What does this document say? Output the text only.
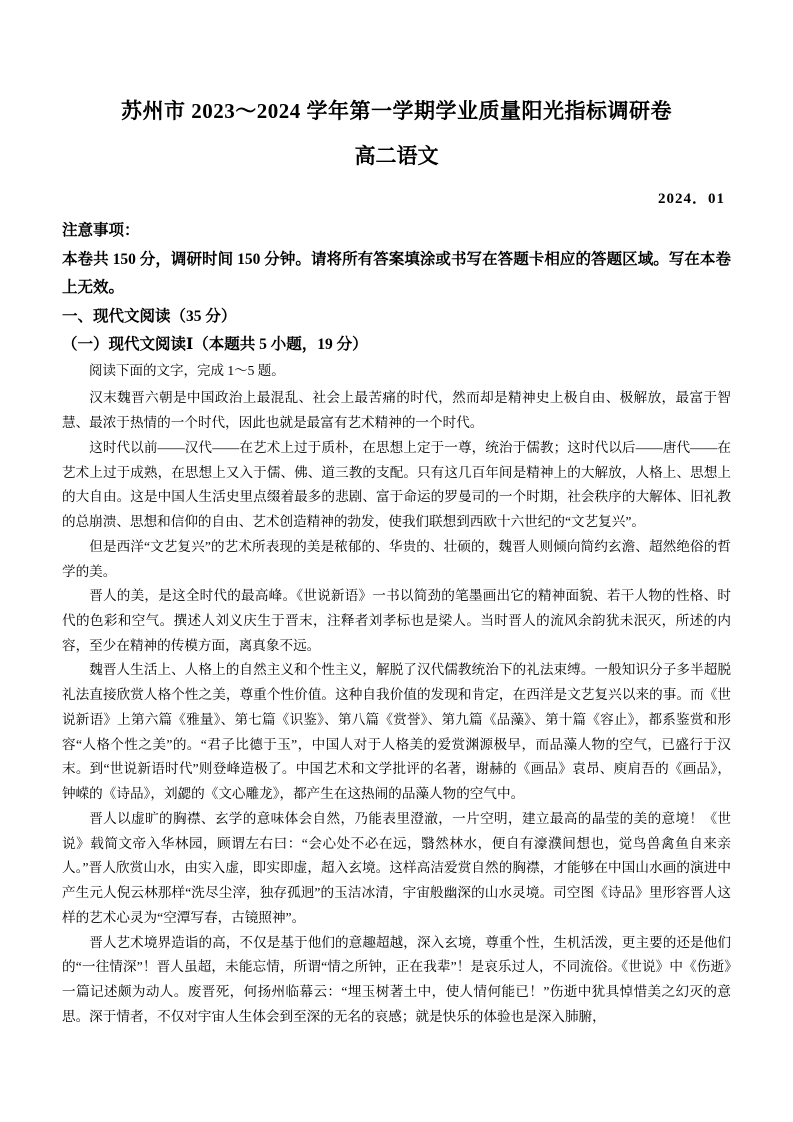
苏州市 2023～2024 学年第一学期学业质量阳光指标调研卷
高二语文
2024．01
注意事项：
本卷共 150 分，调研时间 150 分钟。请将所有答案填涂或书写在答题卡相应的答题区域。写在本卷上无效。
一、现代文阅读（35 分）
（一）现代文阅读Ⅰ（本题共 5 小题，19 分）
阅读下面的文字，完成 1～5 题。

汉末魏晋六朝是中国政治上最混乱、社会上最苦痛的时代，然而却是精神史上极自由、极解放，最富于智慧、最浓于热情的一个时代，因此也就是最富有艺术精神的一个时代。

这时代以前——汉代——在艺术上过于质朴，在思想上定于一尊，统治于儒教；这时代以后——唐代——在艺术上过于成熟，在思想上又入于儒、佛、道三教的支配。只有这几百年间是精神上的大解放，人格上、思想上的大自由。这是中国人生活史里点缀着最多的悲剧、富于命运的罗曼司的一个时期，社会秩序的大解体、旧礼教的总崩溃、思想和信仰的自由、艺术创造精神的勃发，使我们联想到西欧十六世纪的“文艺复兴”。

但是西洋“文艺复兴”的艺术所表现的美是秾郁的、华贵的、壮硕的，魏晋人则倾向简约玄澹、超然绝俗的哲学的美。

晋人的美，是这全时代的最高峰。《世说新语》一书以简劲的笔墨画出它的精神面貌、若干人物的性格、时代的色彩和空气。撰述人刘义庆生于晋末，注释者刘孝标也是梁人。当时晋人的流风余韵犹未泯灭，所述的内容，至少在精神的传模方面，离真象不远。

魏晋人生活上、人格上的自然主义和个性主义，解脱了汉代儒教统治下的礼法束缚。一般知识分子多半超脱礼法直接欣赏人格个性之美，尊重个性价值。这种自我价值的发现和肯定，在西洋是文艺复兴以来的事。而《世说新语》上第六篇《雅量》、第七篇《识鉴》、第八篇《赏誉》、第九篇《品藻》、第十篇《容止》，都系鉴赏和形容“人格个性之美”的。“君子比德于玉”，中国人对于人格美的爱赏渊源极早，而品藻人物的空气，已盛行于汉末。到“世说新语时代”则登峰造极了。中国艺术和文学批评的名著，谢赫的《画品》袁昂、庾肩吾的《画品》，钟嵘的《诗品》，刘勰的《文心雕龙》，都产生在这热闹的品藻人物的空气中。

晋人以虚旷的胸襟、玄学的意味体会自然，乃能表里澄澈，一片空明，建立最高的晶莹的美的意境！《世说》载简文帝入华林园，顾谓左右曰：“会心处不必在远，翳然林水，便自有濠濮间想也，觉鸟兽禽鱼自来亲人。”晋人欣赏山水，由实入虚，即实即虚，超入玄境。这样高洁爱赏自然的胸襟，才能够在中国山水画的演进中产生元人倪云林那样“洗尽尘滓，独存孤迥”的玉洁冰清，宇宙般幽深的山水灵境。司空图《诗品》里形容晋人这样的艺术心灵为“空潭写春，古镜照神”。

晋人艺术境界造诣的高，不仅是基于他们的意趣超越，深入玄境，尊重个性，生机活泼，更主要的还是他们的“一往情深”！晋人虽超，未能忘情，所谓“情之所钟，正在我辈”！是哀乐过人，不同流俗。《世说》中《伤逝》一篇记述颇为动人。废晋死，何扬州临幕云：“埋玉树著土中，使人情何能已！”伤逝中犹具悼惜美之幻灭的意思。深于情者，不仅对宇宙人生体会到至深的无名的哀感；就是快乐的体验也是深入肺腑，
